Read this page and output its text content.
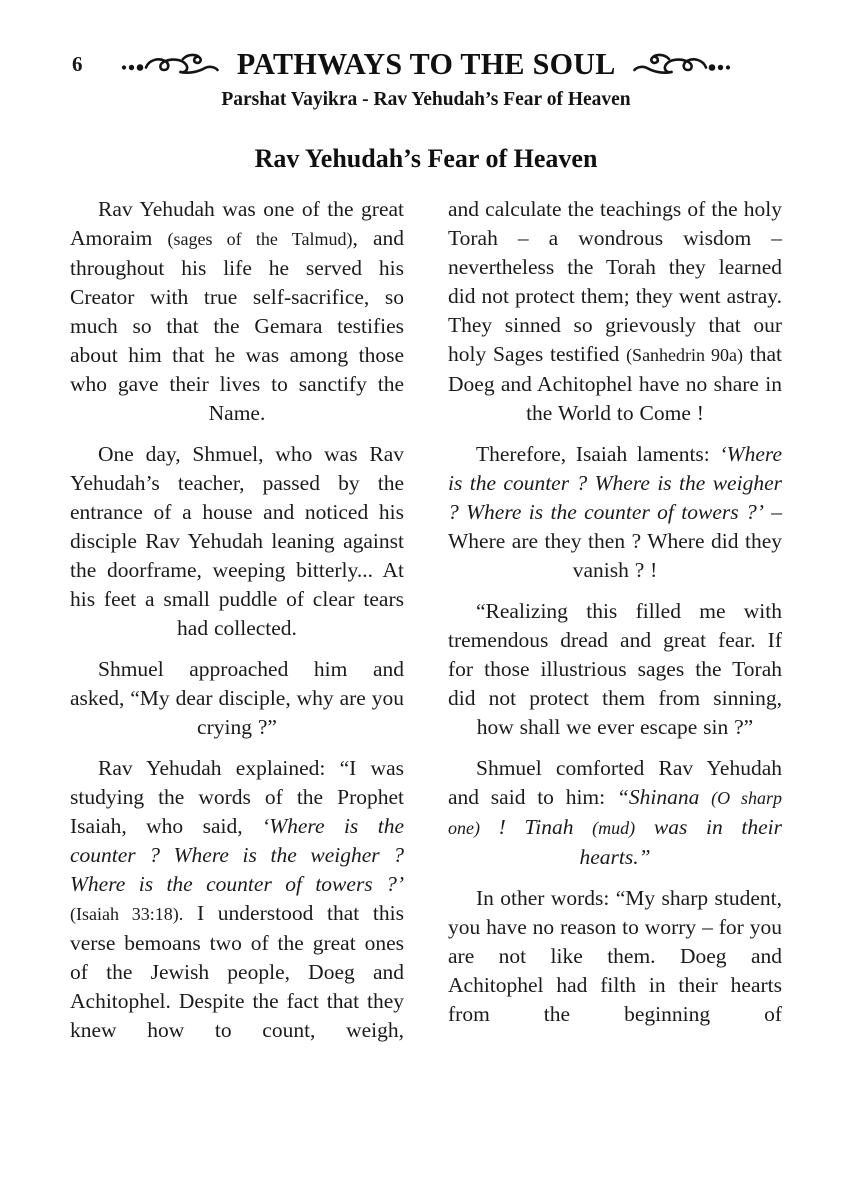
6	PATHWAYS TO THE SOUL
Parshat Vayikra - Rav Yehudah’s Fear of Heaven
Rav Yehudah’s Fear of Heaven

Rav Yehudah was one of the great Amoraim (sages of the Talmud), and throughout his life he served his Creator with true self-sacrifice, so much so that the Gemara testifies about him that he was among those who gave their lives to sanctify the Name.

One day, Shmuel, who was Rav Yehudah’s teacher, passed by the entrance of a house and noticed his disciple Rav Yehudah leaning against the doorframe, weeping bitterly... At his feet a small puddle of clear tears had collected.

Shmuel approached him and asked, “My dear disciple, why are you crying ?”

Rav Yehudah explained: “I was studying the words of the Prophet Isaiah, who said, ‘Where is the counter ? Where is the weigher ? Where is the counter of towers ?’ (Isaiah 33:18). I understood that this verse bemoans two of the great ones of the Jewish people, Doeg and Achitophel. Despite the fact that they knew how to count, weigh,

and calculate the teachings of the holy Torah – a wondrous wisdom – nevertheless the Torah they learned did not protect them; they went astray. They sinned so grievously that our holy Sages testified (Sanhedrin 90a) that Doeg and Achitophel have no share in the World to Come !

Therefore, Isaiah laments: ‘Where is the counter ? Where is the weigher ? Where is the counter of towers ?’ – Where are they then ? Where did they vanish ? !

“Realizing this filled me with tremendous dread and great fear. If for those illustrious sages the Torah did not protect them from sinning, how shall we ever escape sin ?”

Shmuel comforted Rav Yehudah and said to him: “Shinana (O sharp one) ! Tinah (mud) was in their hearts.”

In other words: “My sharp student, you have no reason to worry – for you are not like them. Doeg and Achitophel had filth in their hearts from the beginning of
